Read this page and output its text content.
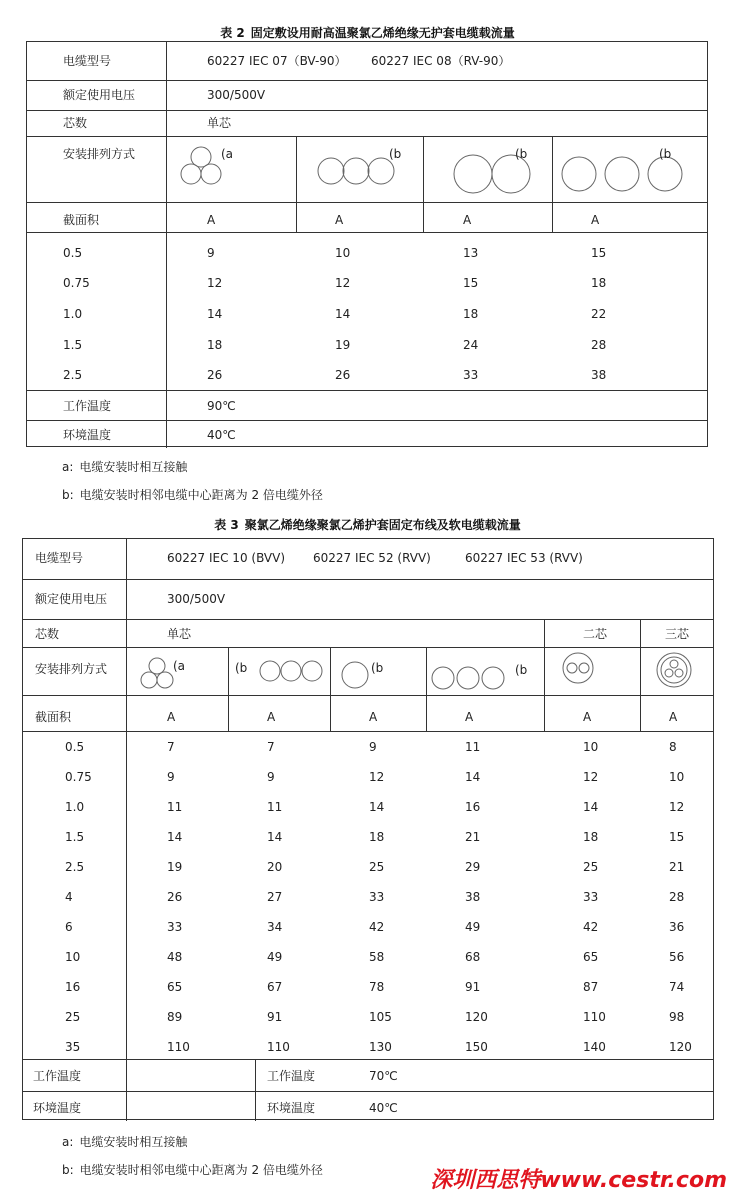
表 2 固定敷设用耐高温聚氯乙烯绝缘无护套电缆载流量
电缆型号	60227 IEC 07（BV-90） 60227 IEC 08（RV-90）
额定使用电压	300/500V
芯数	单芯
安装排列方式	(a	(b	(b	(b
截面积	A	A	A	A
0.5	9	10	13	15
0.75	12	12	15	18
1.0	14	14	18	22
1.5	18	19	24	28
2.5	26	26	33	38
工作温度	90℃
环境温度	40℃
a: 电缆安装时相互接触
b: 电缆安装时相邻电缆中心距离为 2 倍电缆外径
表 3 聚氯乙烯绝缘聚氯乙烯护套固定布线及软电缆载流量
电缆型号	60227 IEC 10 (BVV) 60227 IEC 52 (RVV)	60227 IEC 53 (RVV)
额定使用电压	300/500V
芯数	单芯	二芯	三芯
安装排列方式	(a	(b	(b	(b
截面积	A	A	A	A	A	A
0.5	7	7	9	11	10	8
0.75	9	9	12	14	12	10
1.0	11	11	14	16	14	12
1.5	14	14	18	21	18	15
2.5	19	20	25	29	25	21
4	26	27	33	38	33	28
6	33	34	42	49	42	36
10	48	49	58	68	65	56
16	65	67	78	91	87	74
25	89	91	105	120	110	98
35	110	110	130	150	140	120
工作温度	工作温度	70℃
环境温度	环境温度	40℃
a: 电缆安装时相互接触
b: 电缆安装时相邻电缆中心距离为 2 倍电缆外径	深圳西思特www.cestr.com
